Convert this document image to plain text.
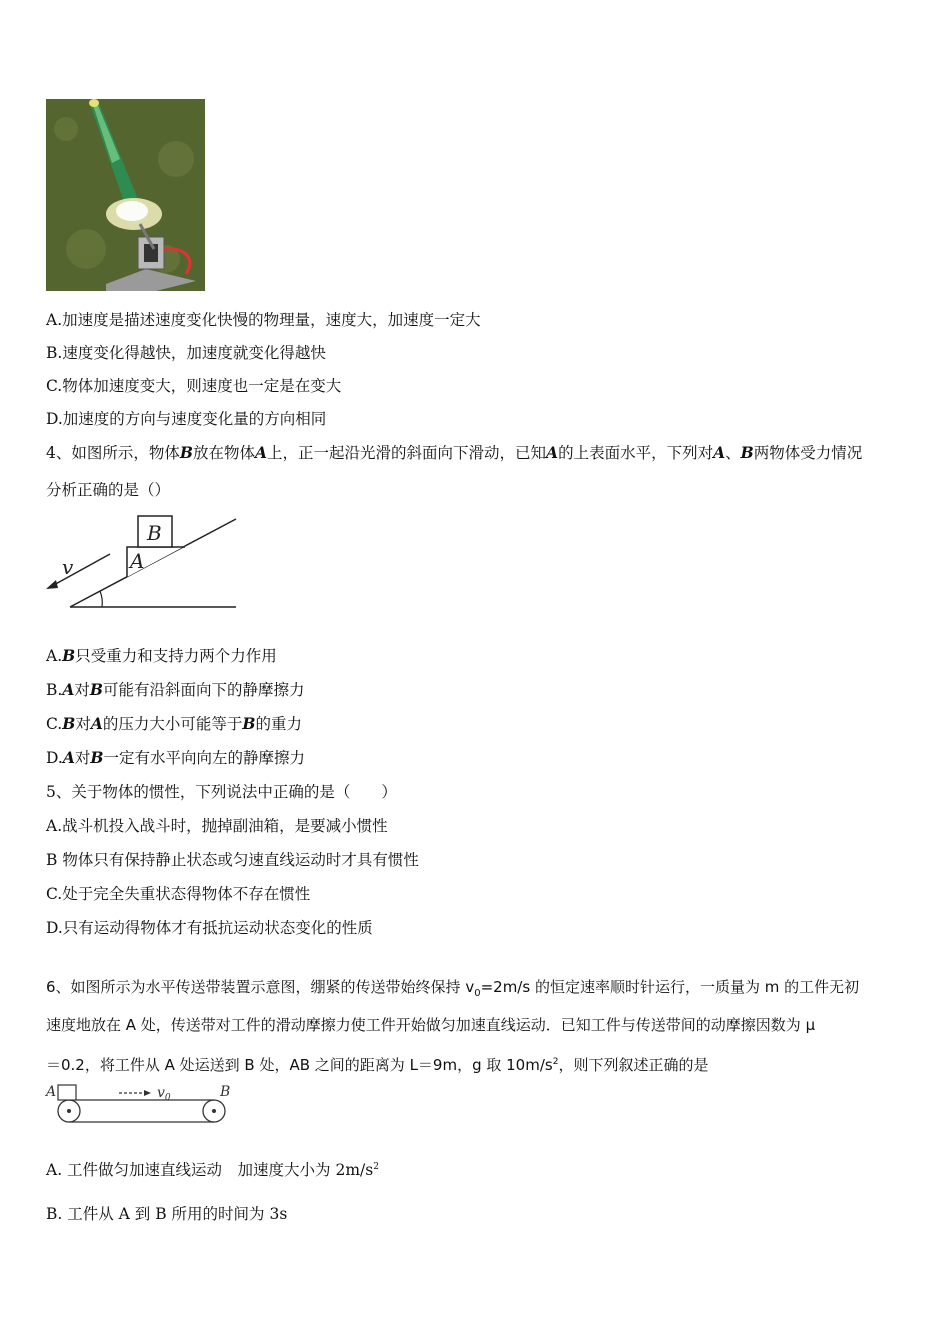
A.加速度是描述速度变化快慢的物理量，速度大，加速度一定大
B.速度变化得越快，加速度就变化得越快
C.物体加速度变大，则速度也一定是在变大
D.加速度的方向与速度变化量的方向相同
4、如图所示，物体B放在物体A上，正一起沿光滑的斜面向下滑动，已知A的上表面水平，下列对A、B两物体受力情况
分析正确的是（）
B
A
v
A.B只受重力和支持力两个力作用
B.A对B可能有沿斜面向下的静摩擦力
C.B对A的压力大小可能等于B的重力
D.A对B一定有水平向向左的静摩擦力
5、关于物体的惯性，下列说法中正确的是（　　）
A.战斗机投入战斗时，抛掉副油箱，是要减小惯性
B 物体只有保持静止状态或匀速直线运动时才具有惯性
C.处于完全失重状态得物体不存在惯性
D.只有运动得物体才有抵抗运动状态变化的性质
6、如图所示为水平传送带装置示意图，绷紧的传送带始终保持 $v_0=2m/s$ 的恒定速率顺时针运行，一质量为 m 的工件无初
速度地放在 A 处，传送带对工件的滑动摩擦力使工件开始做匀加速直线运动．已知工件与传送带间的动摩擦因数为 μ
＝0.2，将工件从 A 处运送到 B 处，AB 之间的距离为 L＝9m，g 取 $10m/s^2$，则下列叙述正确的是
A	B
$v_0$
A. 工件做匀加速直线运动　加速度大小为 $2m/s^2$
B. 工件从 A 到 B 所用的时间为 3s
